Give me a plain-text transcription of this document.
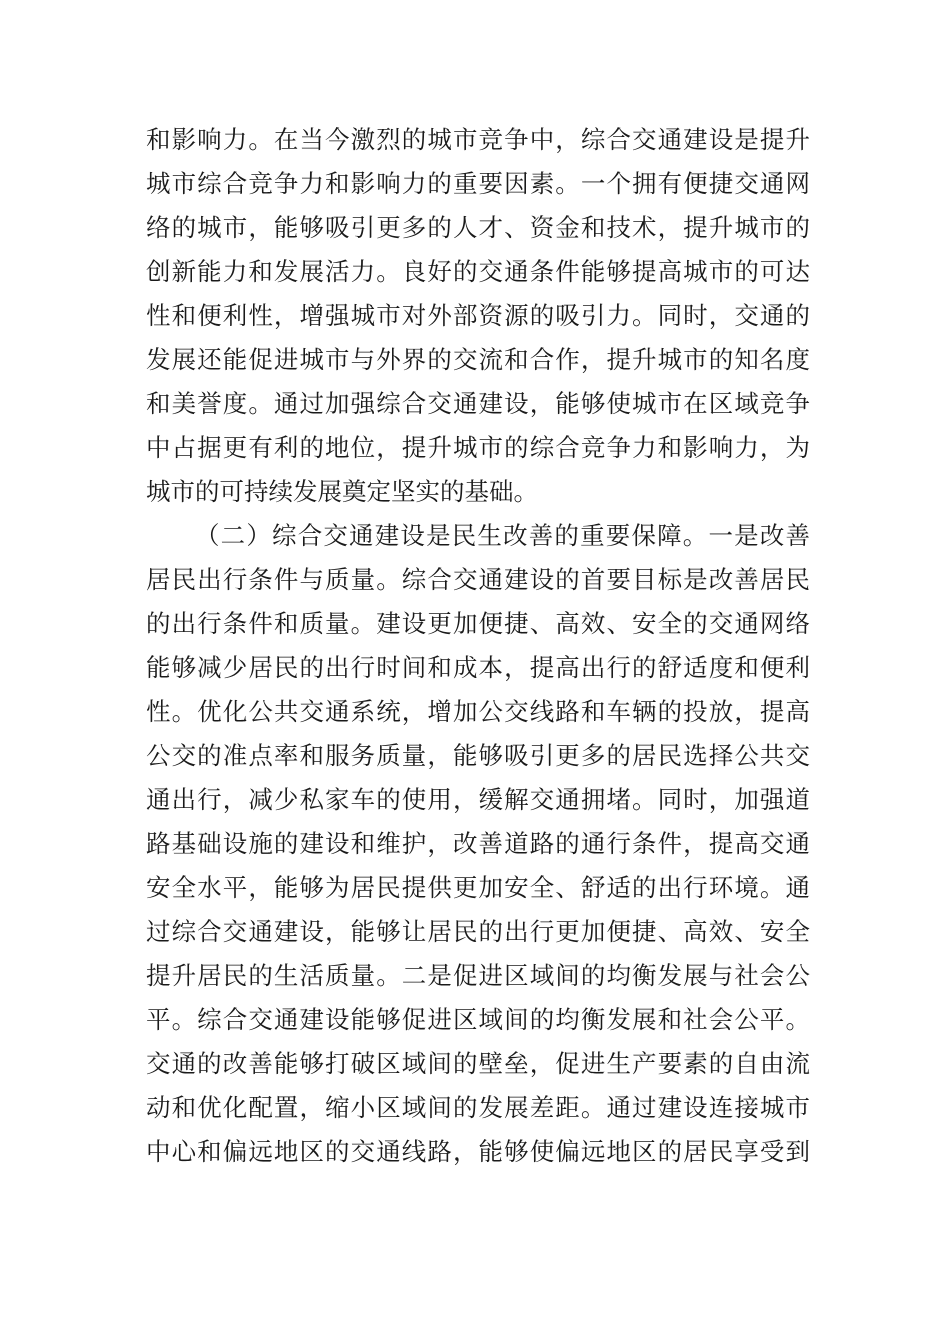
和影响力。在当今激烈的城市竞争中，综合交通建设是提升
城市综合竞争力和影响力的重要因素。一个拥有便捷交通网
络的城市，能够吸引更多的人才、资金和技术，提升城市的
创新能力和发展活力。良好的交通条件能够提高城市的可达
性和便利性，增强城市对外部资源的吸引力。同时，交通的
发展还能促进城市与外界的交流和合作，提升城市的知名度
和美誉度。通过加强综合交通建设，能够使城市在区域竞争
中占据更有利的地位，提升城市的综合竞争力和影响力，为
城市的可持续发展奠定坚实的基础。
（二）综合交通建设是民生改善的重要保障。一是改善
居民出行条件与质量。综合交通建设的首要目标是改善居民
的出行条件和质量。建设更加便捷、高效、安全的交通网络
能够减少居民的出行时间和成本，提高出行的舒适度和便利
性。优化公共交通系统，增加公交线路和车辆的投放，提高
公交的准点率和服务质量，能够吸引更多的居民选择公共交
通出行，减少私家车的使用，缓解交通拥堵。同时，加强道
路基础设施的建设和维护，改善道路的通行条件，提高交通
安全水平，能够为居民提供更加安全、舒适的出行环境。通
过综合交通建设，能够让居民的出行更加便捷、高效、安全
提升居民的生活质量。二是促进区域间的均衡发展与社会公
平。综合交通建设能够促进区域间的均衡发展和社会公平。
交通的改善能够打破区域间的壁垒，促进生产要素的自由流
动和优化配置，缩小区域间的发展差距。通过建设连接城市
中心和偏远地区的交通线路，能够使偏远地区的居民享受到
